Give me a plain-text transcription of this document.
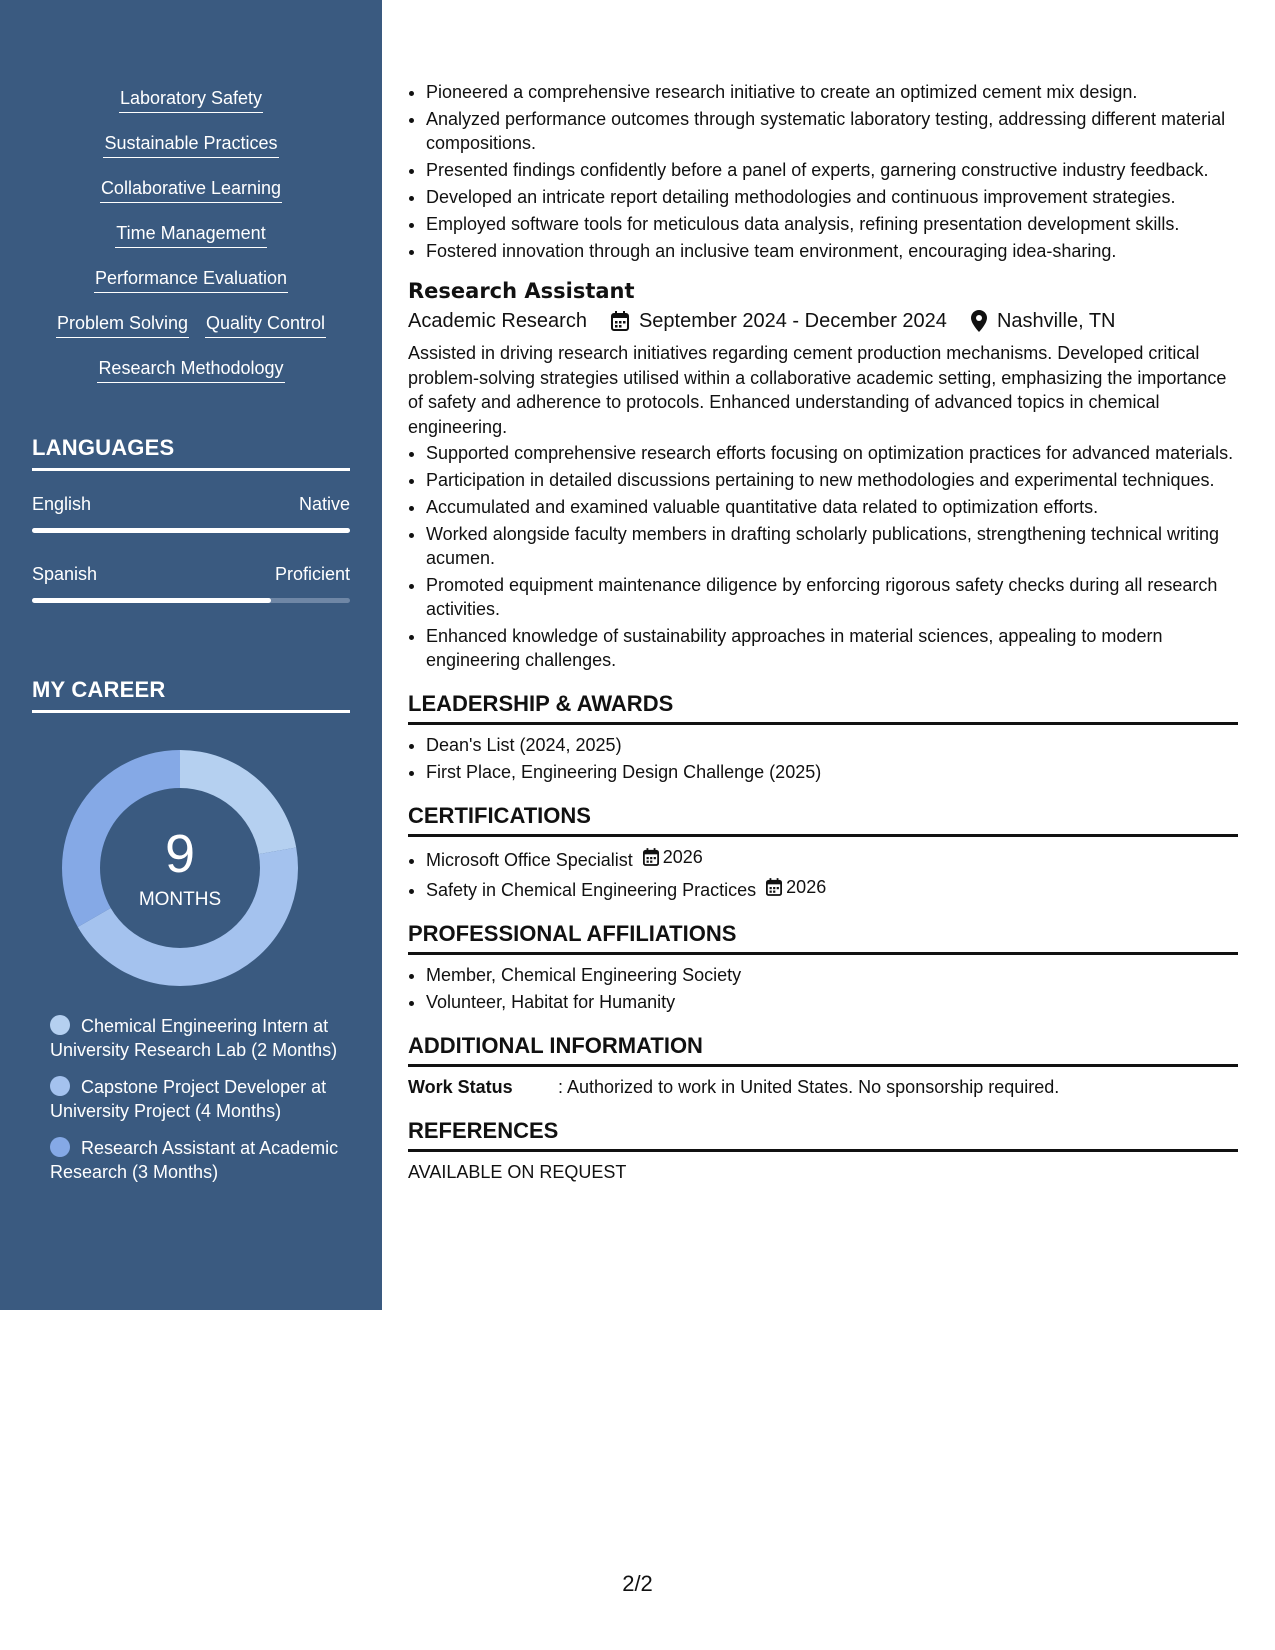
Laboratory Safety
Sustainable Practices
Collaborative Learning
Time Management
Performance Evaluation
Problem Solving Quality Control
Research Methodology
LANGUAGES
English	Native
Spanish	Proficient
MY CAREER
9
MONTHS
Chemical Engineering Intern at University Research Lab (2 Months)
Capstone Project Developer at University Project (4 Months)
Research Assistant at Academic Research (3 Months)
• Pioneered a comprehensive research initiative to create an optimized cement mix design.
• Analyzed performance outcomes through systematic laboratory testing, addressing different material compositions.
• Presented findings confidently before a panel of experts, garnering constructive industry feedback.
• Developed an intricate report detailing methodologies and continuous improvement strategies.
• Employed software tools for meticulous data analysis, refining presentation development skills.
• Fostered innovation through an inclusive team environment, encouraging idea-sharing.
Research Assistant
Academic Research	September 2024 - December 2024	Nashville, TN
Assisted in driving research initiatives regarding cement production mechanisms. Developed critical problem-solving strategies utilised within a collaborative academic setting, emphasizing the importance of safety and adherence to protocols. Enhanced understanding of advanced topics in chemical engineering.
• Supported comprehensive research efforts focusing on optimization practices for advanced materials.
• Participation in detailed discussions pertaining to new methodologies and experimental techniques.
• Accumulated and examined valuable quantitative data related to optimization efforts.
• Worked alongside faculty members in drafting scholarly publications, strengthening technical writing acumen.
• Promoted equipment maintenance diligence by enforcing rigorous safety checks during all research activities.
• Enhanced knowledge of sustainability approaches in material sciences, appealing to modern engineering challenges.
LEADERSHIP & AWARDS
• Dean's List (2024, 2025)
• First Place, Engineering Design Challenge (2025)
CERTIFICATIONS
• Microsoft Office Specialist 2026
• Safety in Chemical Engineering Practices 2026
PROFESSIONAL AFFILIATIONS
• Member, Chemical Engineering Society
• Volunteer, Habitat for Humanity
ADDITIONAL INFORMATION
Work Status	: Authorized to work in United States. No sponsorship required.
REFERENCES
AVAILABLE ON REQUEST
2/2
